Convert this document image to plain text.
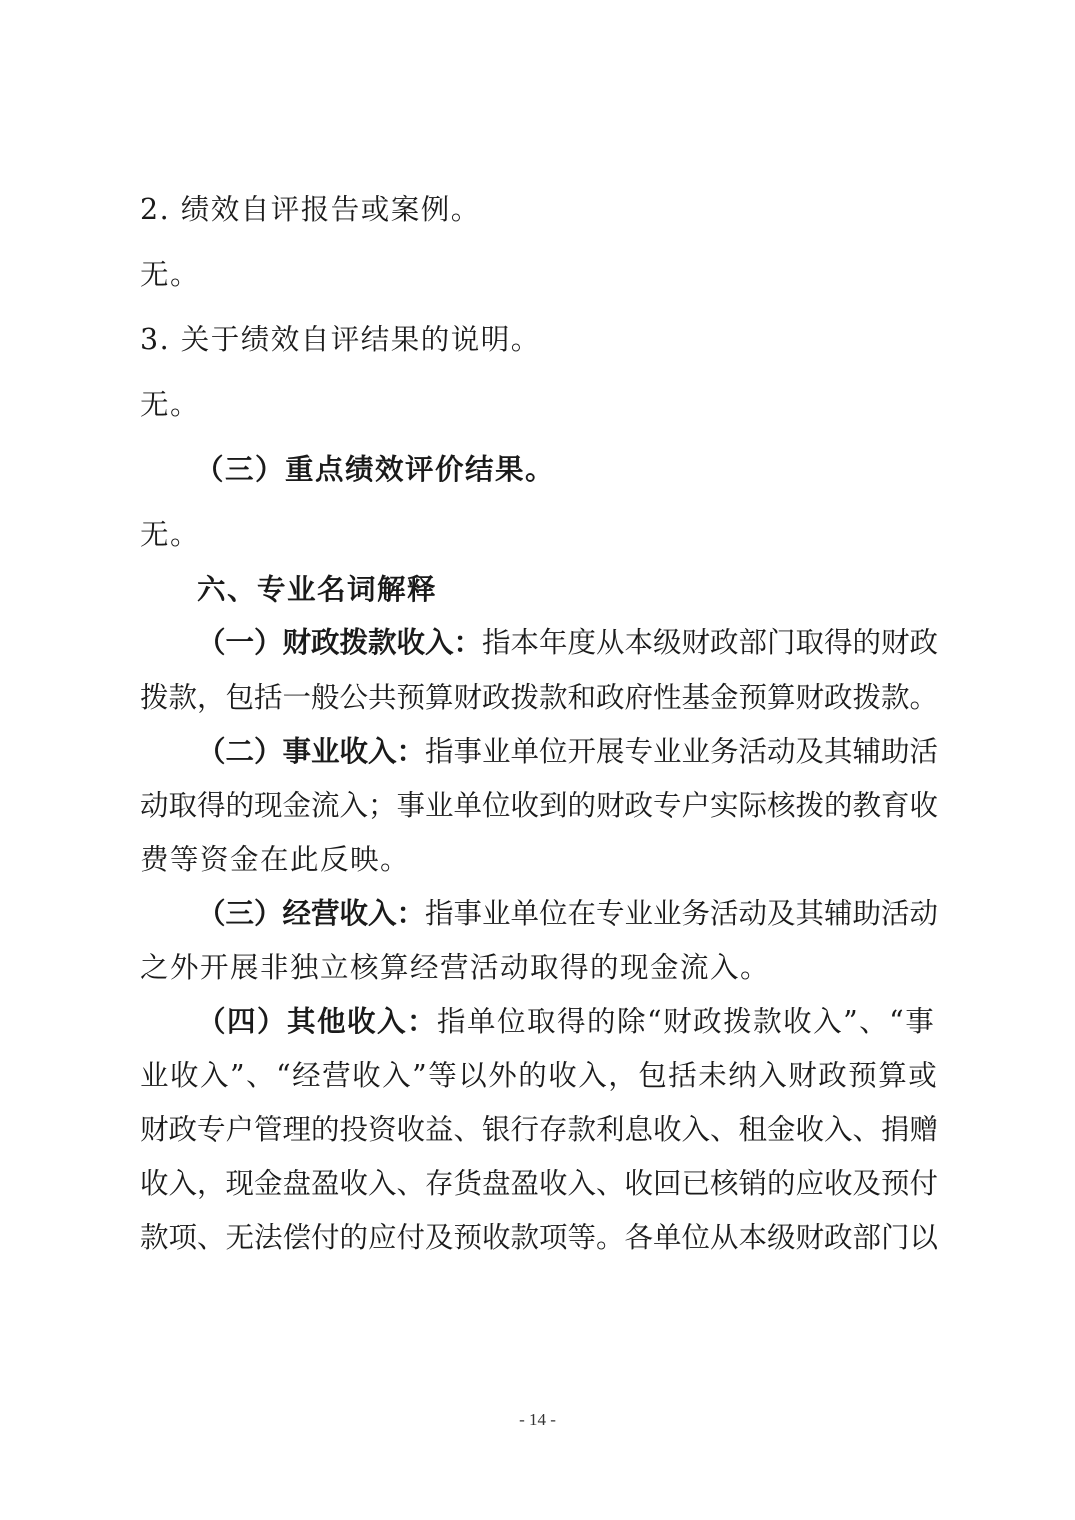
2. 绩效自评报告或案例。
无。
3. 关于绩效自评结果的说明。
无。
（三）重点绩效评价结果。
无。
六、专业名词解释
（一）财政拨款收入：指本年度从本级财政部门取得的财政
拨款，包括一般公共预算财政拨款和政府性基金预算财政拨款。
（二）事业收入：指事业单位开展专业业务活动及其辅助活
动取得的现金流入；事业单位收到的财政专户实际核拨的教育收
费等资金在此反映。
（三）经营收入：指事业单位在专业业务活动及其辅助活动
之外开展非独立核算经营活动取得的现金流入。
（四）其他收入：指单位取得的除“财政拨款收入”、“事
业收入”、“经营收入”等以外的收入，包括未纳入财政预算或
财政专户管理的投资收益、银行存款利息收入、租金收入、捐赠
收入，现金盘盈收入、存货盘盈收入、收回已核销的应收及预付
款项、无法偿付的应付及预收款项等。各单位从本级财政部门以
- 14 -
